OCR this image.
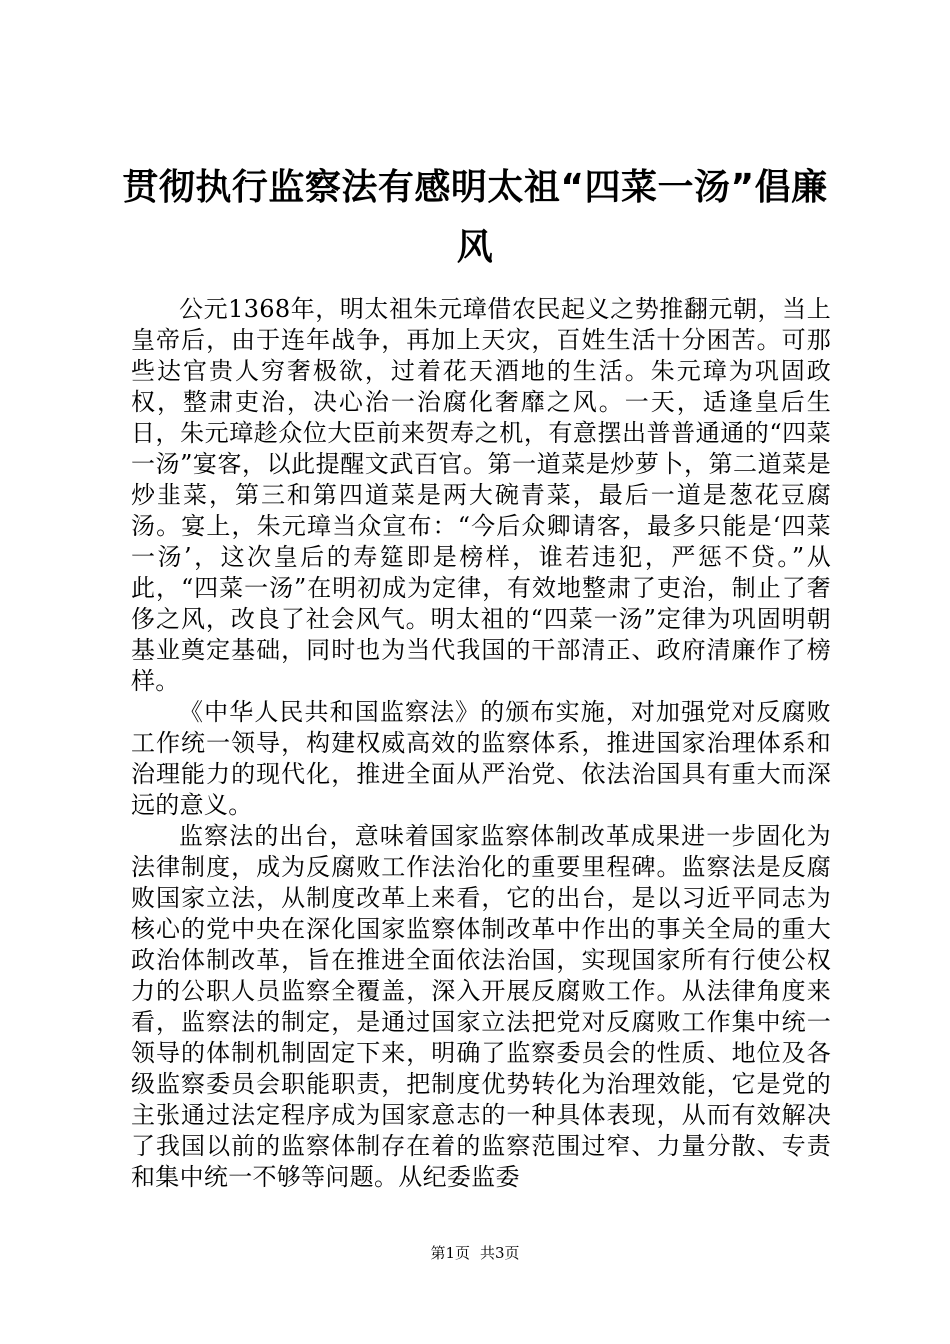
贯彻执行监察法有感明太祖“四菜一汤”倡廉风

公元1368年，明太祖朱元璋借农民起义之势推翻元朝，当上皇帝后，由于连年战争，再加上天灾，百姓生活十分困苦。可那些达官贵人穷奢极欲，过着花天酒地的生活。朱元璋为巩固政权，整肃吏治，决心治一治腐化奢靡之风。一天，适逢皇后生日，朱元璋趁众位大臣前来贺寿之机，有意摆出普普通通的“四菜一汤”宴客，以此提醒文武百官。第一道菜是炒萝卜，第二道菜是炒韭菜，第三和第四道菜是两大碗青菜，最后一道是葱花豆腐汤。宴上，朱元璋当众宣布：“今后众卿请客，最多只能是‘四菜一汤’，这次皇后的寿筵即是榜样，谁若违犯，严惩不贷。”从此，“四菜一汤”在明初成为定律，有效地整肃了吏治，制止了奢侈之风，改良了社会风气。明太祖的“四菜一汤”定律为巩固明朝基业奠定基础，同时也为当代我国的干部清正、政府清廉作了榜样。

《中华人民共和国监察法》的颁布实施，对加强党对反腐败工作统一领导，构建权威高效的监察体系，推进国家治理体系和治理能力的现代化，推进全面从严治党、依法治国具有重大而深远的意义。

监察法的出台，意味着国家监察体制改革成果进一步固化为法律制度，成为反腐败工作法治化的重要里程碑。监察法是反腐败国家立法，从制度改革上来看，它的出台，是以习近平同志为核心的党中央在深化国家监察体制改革中作出的事关全局的重大政治体制改革，旨在推进全面依法治国，实现国家所有行使公权力的公职人员监察全覆盖，深入开展反腐败工作。从法律角度来看，监察法的制定，是通过国家立法把党对反腐败工作集中统一领导的体制机制固定下来，明确了监察委员会的性质、地位及各级监察委员会职能职责，把制度优势转化为治理效能，它是党的主张通过法定程序成为国家意志的一种具体表现，从而有效解决了我国以前的监察体制存在着的监察范围过窄、力量分散、专责和集中统一不够等问题。从纪委监委

第1页 共3页
